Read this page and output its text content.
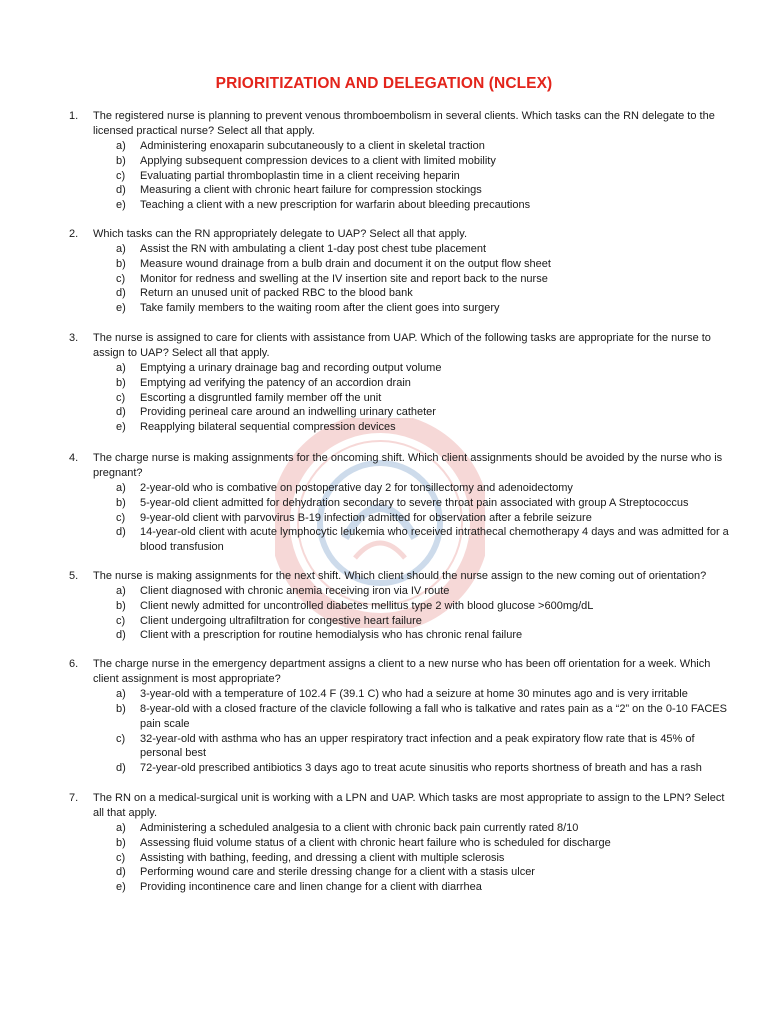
PRIORITIZATION AND DELEGATION (NCLEX)
1. The registered nurse is planning to prevent venous thromboembolism in several clients. Which tasks can the RN delegate to the licensed practical nurse? Select all that apply.
a) Administering enoxaparin subcutaneously to a client in skeletal traction
b) Applying subsequent compression devices to a client with limited mobility
c) Evaluating partial thromboplastin time in a client receiving heparin
d) Measuring a client with chronic heart failure for compression stockings
e) Teaching a client with a new prescription for warfarin about bleeding precautions
2. Which tasks can the RN appropriately delegate to UAP? Select all that apply.
a) Assist the RN with ambulating a client 1-day post chest tube placement
b) Measure wound drainage from a bulb drain and document it on the output flow sheet
c) Monitor for redness and swelling at the IV insertion site and report back to the nurse
d) Return an unused unit of packed RBC to the blood bank
e) Take family members to the waiting room after the client goes into surgery
3. The nurse is assigned to care for clients with assistance from UAP. Which of the following tasks are appropriate for the nurse to assign to UAP? Select all that apply.
a) Emptying a urinary drainage bag and recording output volume
b) Emptying ad verifying the patency of an accordion drain
c) Escorting a disgruntled family member off the unit
d) Providing perineal care around an indwelling urinary catheter
e) Reapplying bilateral sequential compression devices
4. The charge nurse is making assignments for the oncoming shift. Which client assignments should be avoided by the nurse who is pregnant?
a) 2-year-old who is combative on postoperative day 2 for tonsillectomy and adenoidectomy
b) 5-year-old client admitted for dehydration secondary to severe throat pain associated with group A Streptococcus
c) 9-year-old client with parvovirus B-19 infection admitted for observation after a febrile seizure
d) 14-year-old client with acute lymphocytic leukemia who received intrathecal chemotherapy 4 days and was admitted for a blood transfusion
5. The nurse is making assignments for the next shift. Which client should the nurse assign to the new coming out of orientation?
a) Client diagnosed with chronic anemia receiving iron via IV route
b) Client newly admitted for uncontrolled diabetes mellitus type 2 with blood glucose >600mg/dL
c) Client undergoing ultrafiltration for congestive heart failure
d) Client with a prescription for routine hemodialysis who has chronic renal failure
6. The charge nurse in the emergency department assigns a client to a new nurse who has been off orientation for a week. Which client assignment is most appropriate?
a) 3-year-old with a temperature of 102.4 F (39.1 C) who had a seizure at home 30 minutes ago and is very irritable
b) 8-year-old with a closed fracture of the clavicle following a fall who is talkative and rates pain as a “2” on the 0-10 FACES pain scale
c) 32-year-old with asthma who has an upper respiratory tract infection and a peak expiratory flow rate that is 45% of personal best
d) 72-year-old prescribed antibiotics 3 days ago to treat acute sinusitis who reports shortness of breath and has a rash
7. The RN on a medical-surgical unit is working with a LPN and UAP. Which tasks are most appropriate to assign to the LPN? Select all that apply.
a) Administering a scheduled analgesia to a client with chronic back pain currently rated 8/10
b) Assessing fluid volume status of a client with chronic heart failure who is scheduled for discharge
c) Assisting with bathing, feeding, and dressing a client with multiple sclerosis
d) Performing wound care and sterile dressing change for a client with a stasis ulcer
e) Providing incontinence care and linen change for a client with diarrhea
